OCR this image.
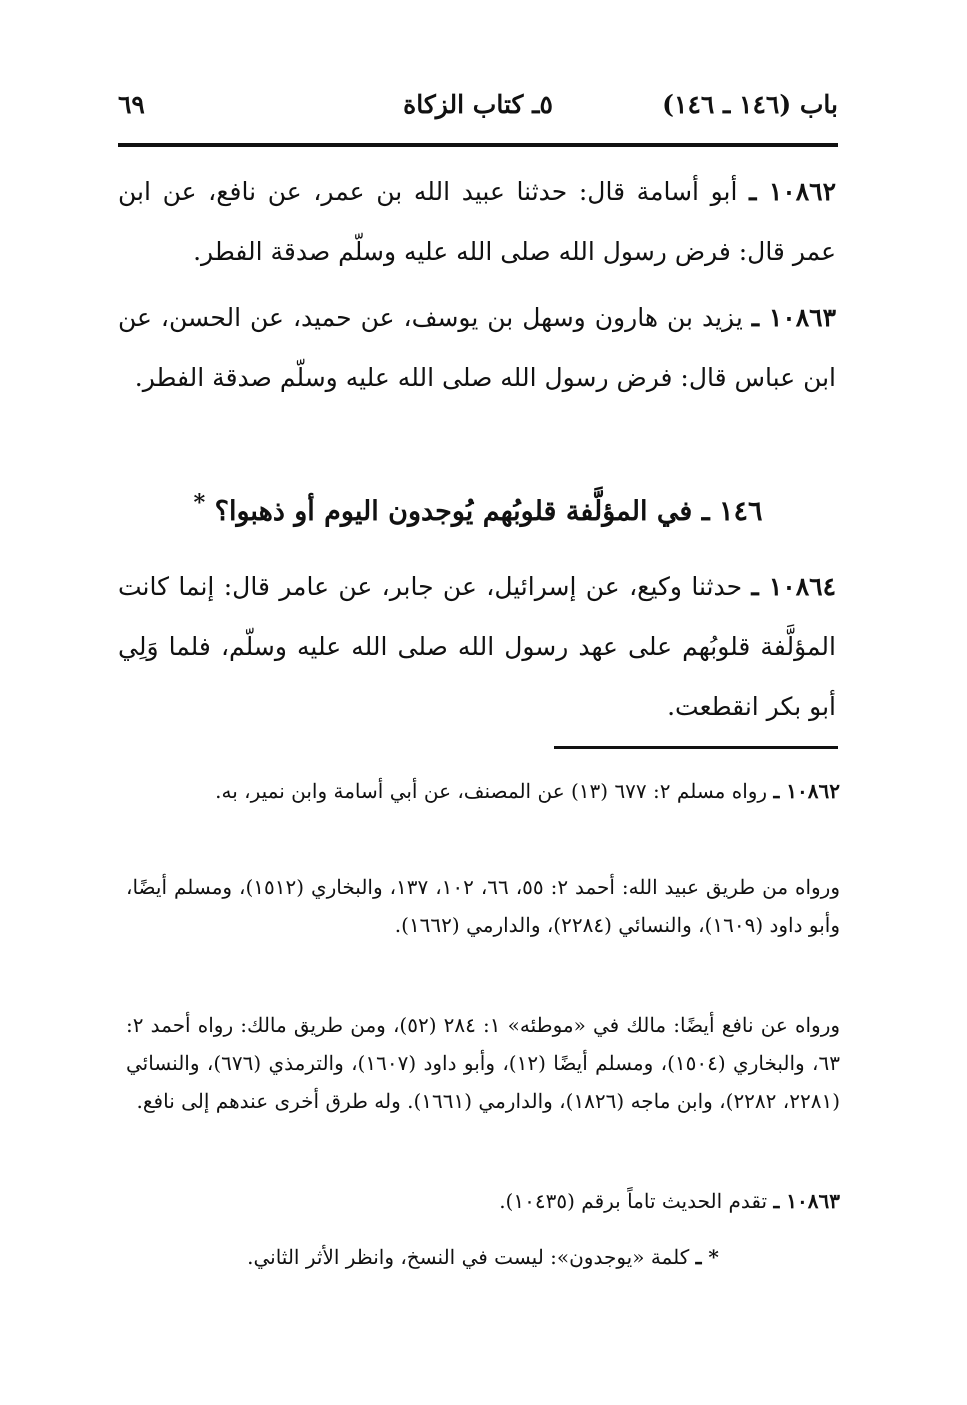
باب (١٤٦ ـ ١٤٦)
٥ـ كتاب الزكاة
٦٩

١٠٨٦٢ ـ أبو أسامة قال: حدثنا عبيد الله بن عمر، عن نافع، عن ابن عمر قال: فرض رسول الله صلى الله عليه وسلّم صدقة الفطر.

١٠٨٦٣ ـ يزيد بن هارون وسهل بن يوسف، عن حميد، عن الحسن، عن ابن عباس قال: فرض رسول الله صلى الله عليه وسلّم صدقة الفطر.

١٤٦ ـ في المؤلَّفة قلوبُهم يُوجدون اليوم أو ذهبوا؟ *

١٠٨٦٤ ـ حدثنا وكيع، عن إسرائيل، عن جابر، عن عامر قال: إنما كانت المؤلَّفة قلوبُهم على عهد رسول الله صلى الله عليه وسلّم، فلما وَلِي أبو بكر انقطعت.

١٠٨٦٢ ـ رواه مسلم ٢: ٦٧٧ (١٣) عن المصنف، عن أبي أسامة وابن نمير، به.

ورواه من طريق عبيد الله: أحمد ٢: ٥٥، ٦٦، ١٠٢، ١٣٧، والبخاري (١٥١٢)، ومسلم أيضًا، وأبو داود (١٦٠٩)، والنسائي (٢٢٨٤)، والدارمي (١٦٦٢).

ورواه عن نافع أيضًا: مالك في «موطئه» ١: ٢٨٤ (٥٢)، ومن طريق مالك: رواه أحمد ٢: ٦٣، والبخاري (١٥٠٤)، ومسلم أيضًا (١٢)، وأبو داود (١٦٠٧)، والترمذي (٦٧٦)، والنسائي (٢٢٨١، ٢٢٨٢)، وابن ماجه (١٨٢٦)، والدارمي (١٦٦١). وله طرق أخرى عندهم إلى نافع.

١٠٨٦٣ ـ تقدم الحديث تاماً برقم (١٠٤٣٥).

* ـ كلمة «يوجدون»: ليست في النسخ، وانظر الأثر الثاني.
